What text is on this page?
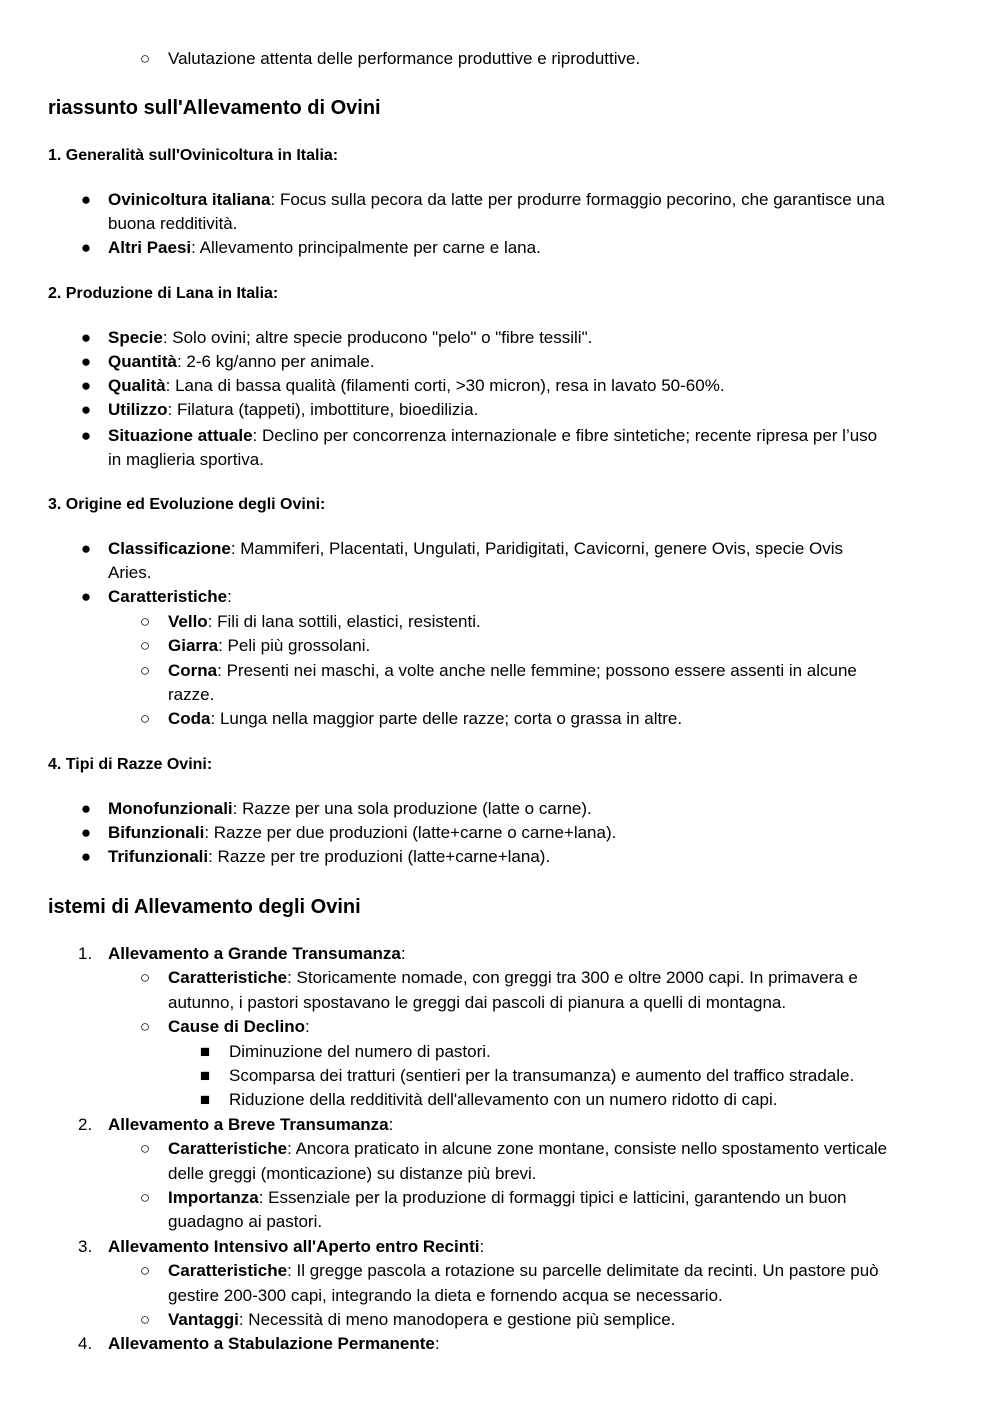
○ Valutazione attenta delle performance produttive e riproduttive.
riassunto sull'Allevamento di Ovini
1. Generalità sull'Ovinicoltura in Italia:
● Ovinicoltura italiana: Focus sulla pecora da latte per produrre formaggio pecorino, che garantisce una
buona redditività.
● Altri Paesi: Allevamento principalmente per carne e lana.
2. Produzione di Lana in Italia:
● Specie: Solo ovini; altre specie producono "pelo" o "fibre tessili".
● Quantità: 2-6 kg/anno per animale.
● Qualità: Lana di bassa qualità (filamenti corti, >30 micron), resa in lavato 50-60%.
● Utilizzo: Filatura (tappeti), imbottiture, bioedilizia.
● Situazione attuale: Declino per concorrenza internazionale e fibre sintetiche; recente ripresa per l’uso
in maglieria sportiva.
3. Origine ed Evoluzione degli Ovini:
● Classificazione: Mammiferi, Placentati, Ungulati, Paridigitati, Cavicorni, genere Ovis, specie Ovis
Aries.
● Caratteristiche:
○ Vello: Fili di lana sottili, elastici, resistenti.
○ Giarra: Peli più grossolani.
○ Corna: Presenti nei maschi, a volte anche nelle femmine; possono essere assenti in alcune
razze.
○ Coda: Lunga nella maggior parte delle razze; corta o grassa in altre.
4. Tipi di Razze Ovini:
● Monofunzionali: Razze per una sola produzione (latte o carne).
● Bifunzionali: Razze per due produzioni (latte+carne o carne+lana).
● Trifunzionali: Razze per tre produzioni (latte+carne+lana).
istemi di Allevamento degli Ovini
1. Allevamento a Grande Transumanza:
○ Caratteristiche: Storicamente nomade, con greggi tra 300 e oltre 2000 capi. In primavera e
autunno, i pastori spostavano le greggi dai pascoli di pianura a quelli di montagna.
○ Cause di Declino:
■ Diminuzione del numero di pastori.
■ Scomparsa dei tratturi (sentieri per la transumanza) e aumento del traffico stradale.
■ Riduzione della redditività dell'allevamento con un numero ridotto di capi.
2. Allevamento a Breve Transumanza:
○ Caratteristiche: Ancora praticato in alcune zone montane, consiste nello spostamento verticale
delle greggi (monticazione) su distanze più brevi.
○ Importanza: Essenziale per la produzione di formaggi tipici e latticini, garantendo un buon
guadagno ai pastori.
3. Allevamento Intensivo all'Aperto entro Recinti:
○ Caratteristiche: Il gregge pascola a rotazione su parcelle delimitate da recinti. Un pastore può
gestire 200-300 capi, integrando la dieta e fornendo acqua se necessario.
○ Vantaggi: Necessità di meno manodopera e gestione più semplice.
4. Allevamento a Stabulazione Permanente:
